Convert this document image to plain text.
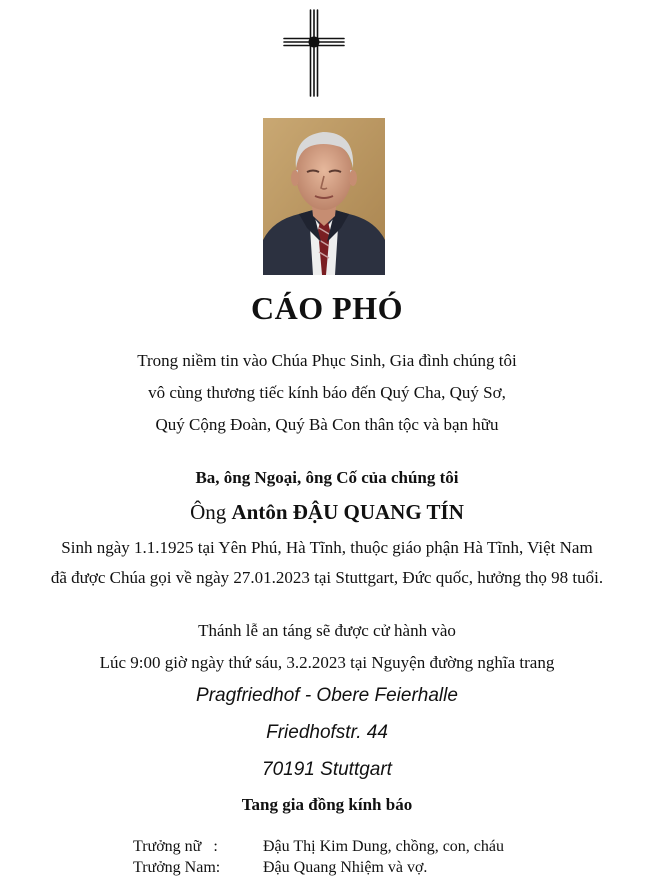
CÁO PHÓ
Trong niềm tin vào Chúa Phục Sinh, Gia đình chúng tôi
vô cùng thương tiếc kính báo đến Quý Cha, Quý Sơ,
Quý Cộng Đoàn, Quý Bà Con thân tộc và bạn hữu
Ba, ông Ngoại, ông Cố của chúng tôi
Ông Antôn ĐẬU QUANG TÍN
Sinh ngày 1.1.1925 tại Yên Phú, Hà Tĩnh, thuộc giáo phận Hà Tĩnh, Việt Nam
đã được Chúa gọi về ngày 27.01.2023 tại Stuttgart, Đức quốc, hưởng thọ 98 tuổi.
Thánh lễ an táng sẽ được cử hành vào
Lúc 9:00 giờ ngày thứ sáu, 3.2.2023 tại Nguyện đường nghĩa trang
Pragfriedhof - Obere Feierhalle
Friedhofstr. 44
70191 Stuttgart
Tang gia đồng kính báo
Trưởng nữ   :	Đậu Thị Kim Dung, chồng, con, cháu
Trưởng Nam:	Đậu Quang Nhiệm và vợ.
